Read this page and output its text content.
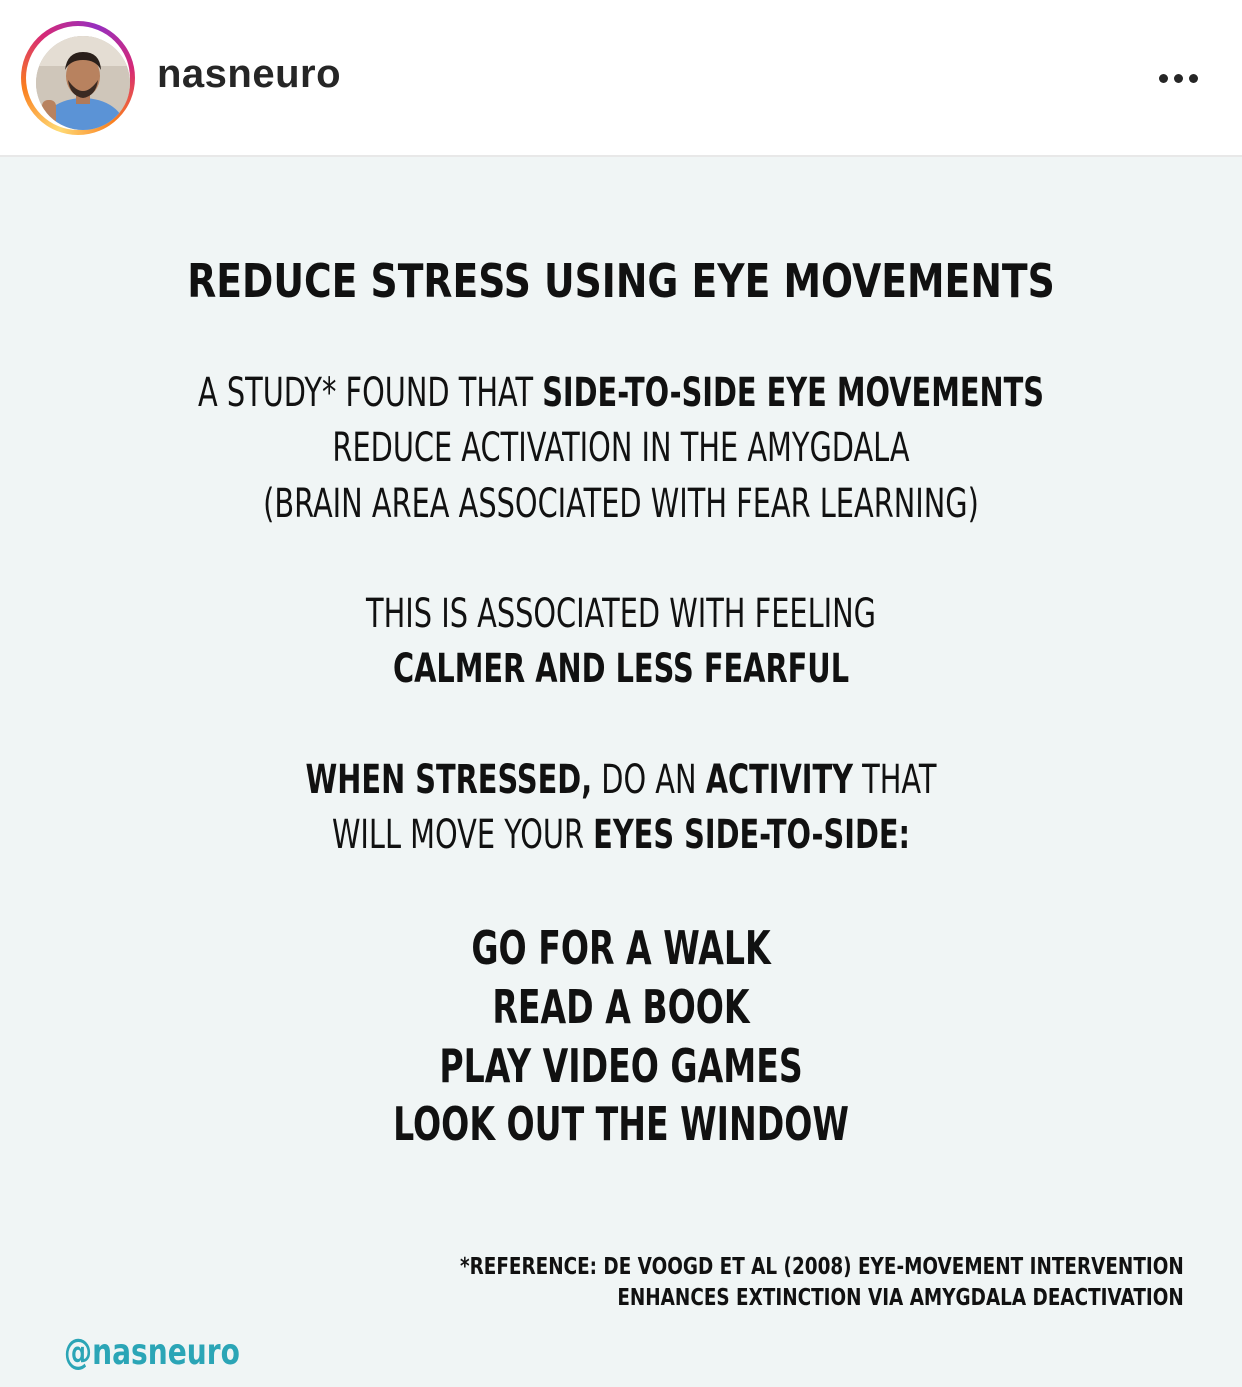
nasneuro
REDUCE STRESS USING EYE MOVEMENTS
A STUDY* FOUND THAT SIDE-TO-SIDE EYE MOVEMENTS
REDUCE ACTIVATION IN THE AMYGDALA
(BRAIN AREA ASSOCIATED WITH FEAR LEARNING)
THIS IS ASSOCIATED WITH FEELING
CALMER AND LESS FEARFUL
WHEN STRESSED, DO AN ACTIVITY THAT
WILL MOVE YOUR EYES SIDE-TO-SIDE:
GO FOR A WALK
READ A BOOK
PLAY VIDEO GAMES
LOOK OUT THE WINDOW
*REFERENCE: DE VOOGD ET AL (2008) EYE-MOVEMENT INTERVENTION
ENHANCES EXTINCTION VIA AMYGDALA DEACTIVATION
@nasneuro
